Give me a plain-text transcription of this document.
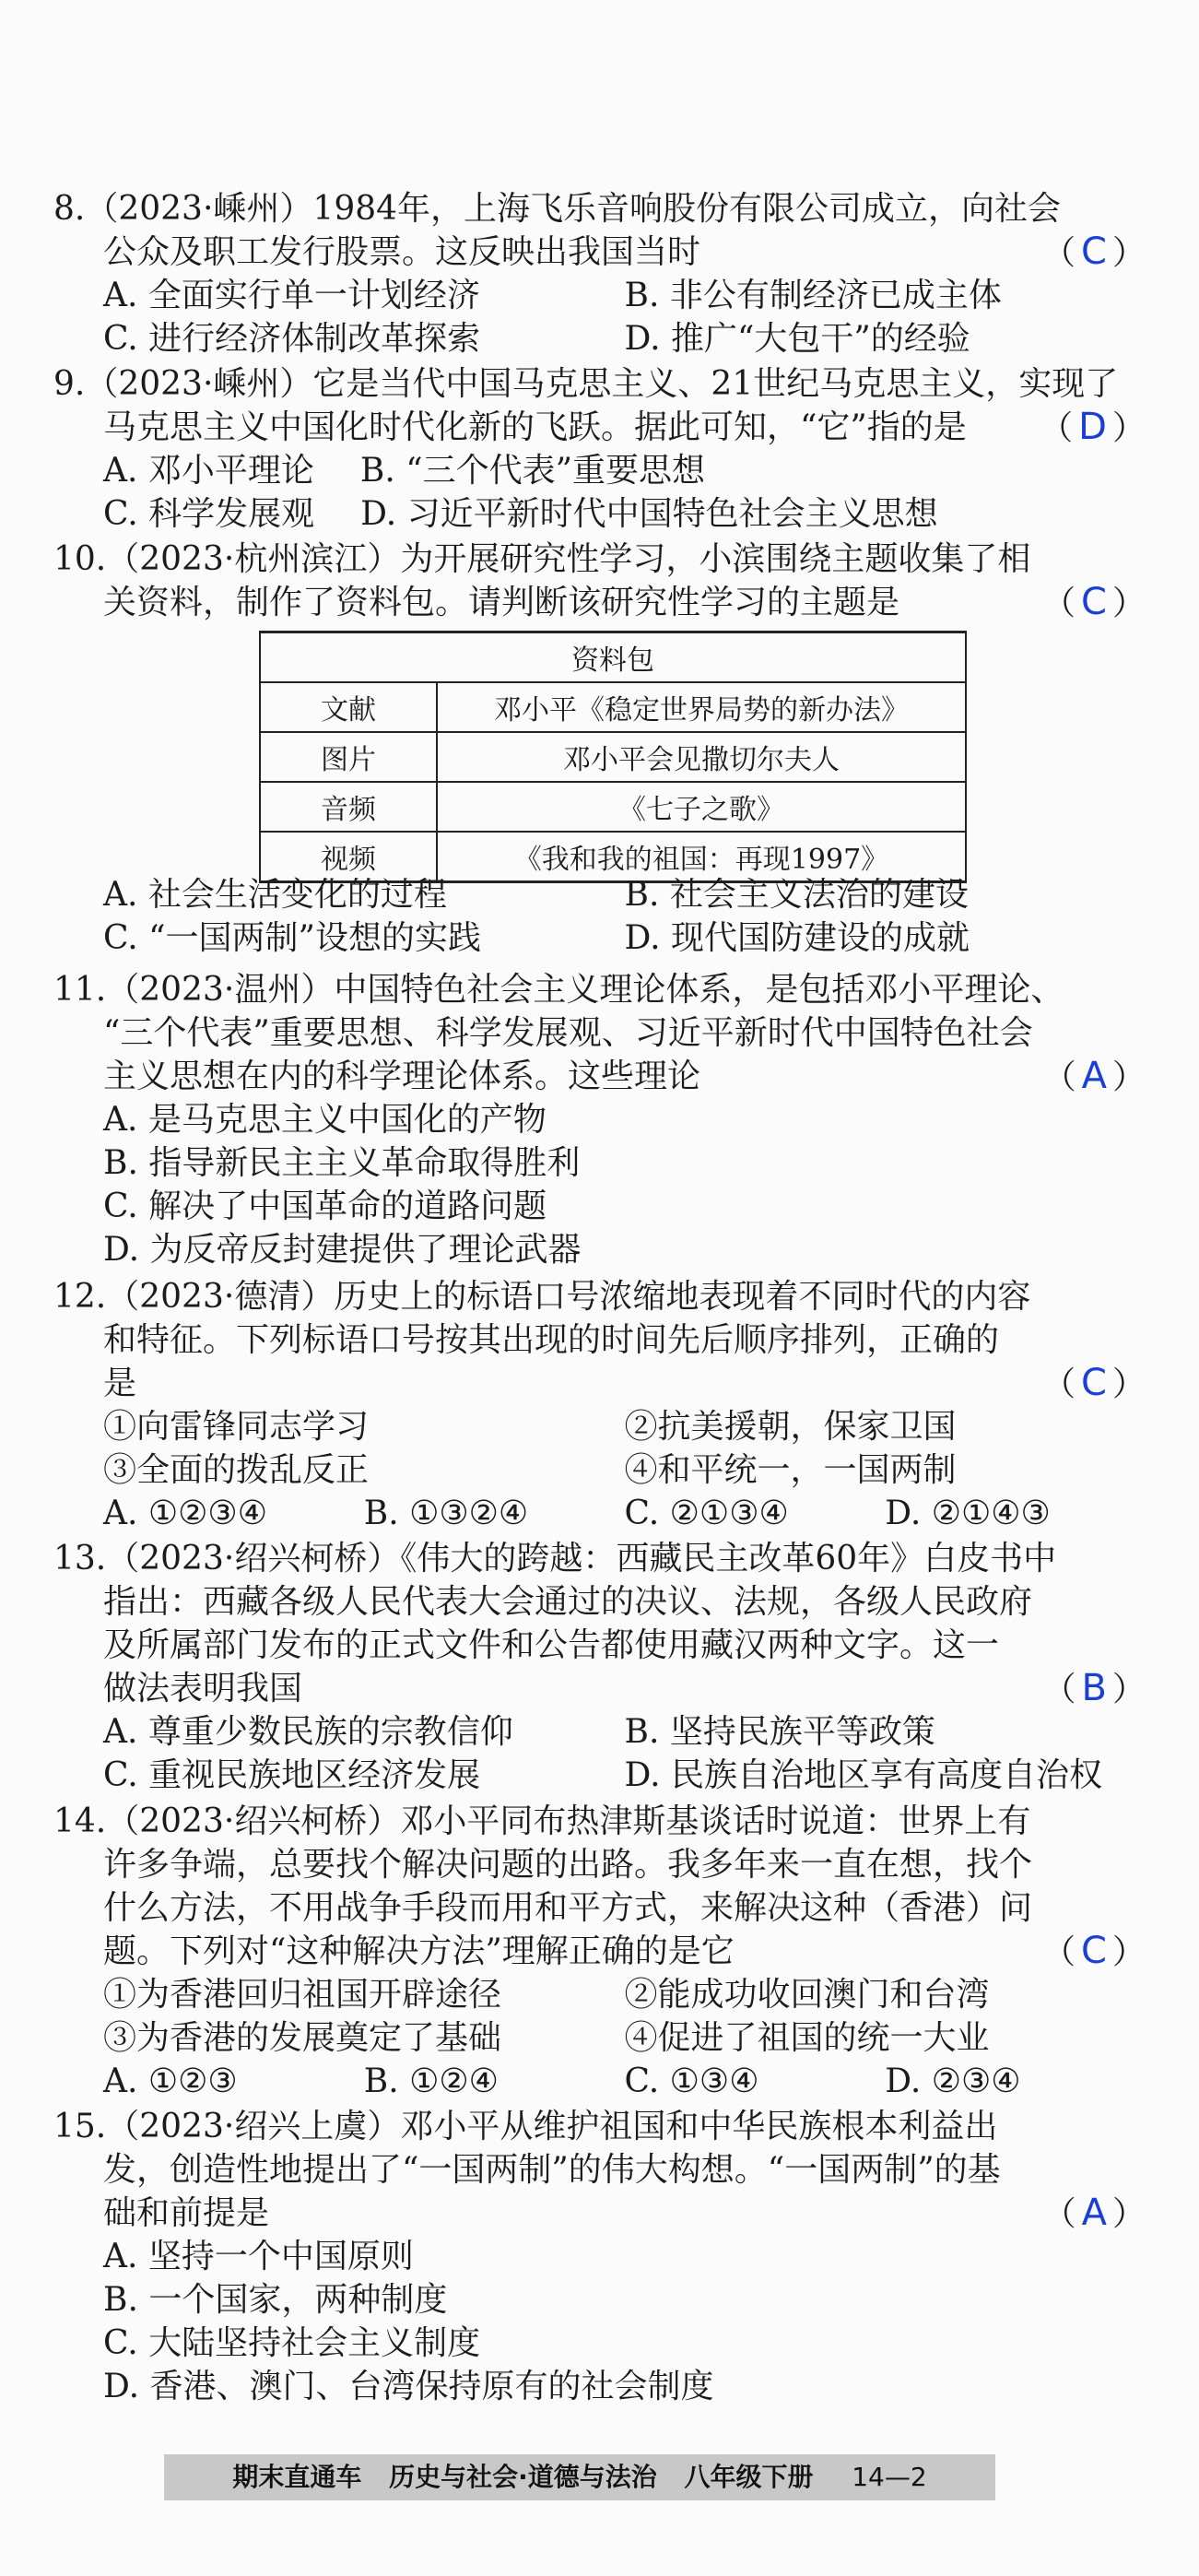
8.（2023·嵊州）1984年，上海飞乐音响股份有限公司成立，向社会
公众及职工发行股票。这反映出我国当时	（ C ）
A. 全面实行单一计划经济	B. 非公有制经济已成主体
C. 进行经济体制改革探索	D. 推广“大包干”的经验
9.（2023·嵊州）它是当代中国马克思主义、21世纪马克思主义，实现了
马克思主义中国化时代化新的飞跃。据此可知，“它”指的是 （ D ）
A. 邓小平理论 B. “三个代表”重要思想
C. 科学发展观 D. 习近平新时代中国特色社会主义思想
10.（2023·杭州滨江）为开展研究性学习，小滨围绕主题收集了相
关资料，制作了资料包。请判断该研究性学习的主题是	（ C ）
资料包	
文献	邓小平《稳定世界局势的新办法》
图片	邓小平会见撒切尔夫人
音频	《七子之歌》
视频	《我和我的祖国：再现1997》
A. 社会生活变化的过程	B. 社会主义法治的建设
C. “一国两制”设想的实践	D. 现代国防建设的成就
11.（2023·温州）中国特色社会主义理论体系，是包括邓小平理论、
“三个代表”重要思想、科学发展观、习近平新时代中国特色社会
主义思想在内的科学理论体系。这些理论	（ A ）
A. 是马克思主义中国化的产物
B. 指导新民主主义革命取得胜利
C. 解决了中国革命的道路问题
D. 为反帝反封建提供了理论武器
12.（2023·德清）历史上的标语口号浓缩地表现着不同时代的内容
和特征。下列标语口号按其出现的时间先后顺序排列，正确的
是	（ C ）
①向雷锋同志学习	②抗美援朝，保家卫国
③全面的拨乱反正	④和平统一，一国两制
A. ①②③④	B. ①③②④	C. ②①③④	D. ②①④③
13.（2023·绍兴柯桥）《伟大的跨越：西藏民主改革60年》白皮书中
指出：西藏各级人民代表大会通过的决议、法规，各级人民政府
及所属部门发布的正式文件和公告都使用藏汉两种文字。这一
做法表明我国	（ B ）
A. 尊重少数民族的宗教信仰	B. 坚持民族平等政策
C. 重视民族地区经济发展	D. 民族自治地区享有高度自治权
14.（2023·绍兴柯桥）邓小平同布热津斯基谈话时说道：世界上有
许多争端，总要找个解决问题的出路。我多年来一直在想，找个
什么方法，不用战争手段而用和平方式，来解决这种（香港）问
题。下列对“这种解决方法”理解正确的是它	（ C ）
①为香港回归祖国开辟途径	②能成功收回澳门和台湾
③为香港的发展奠定了基础	④促进了祖国的统一大业
A. ①②③	B. ①②④	C. ①③④	D. ②③④
15.（2023·绍兴上虞）邓小平从维护祖国和中华民族根本利益出
发，创造性地提出了“一国两制”的伟大构想。“一国两制”的基
础和前提是	（ A ）
A. 坚持一个中国原则
B. 一个国家，两种制度
C. 大陆坚持社会主义制度
D. 香港、澳门、台湾保持原有的社会制度
期末直通车 历史与社会·道德与法治 八年级下册 14—2
